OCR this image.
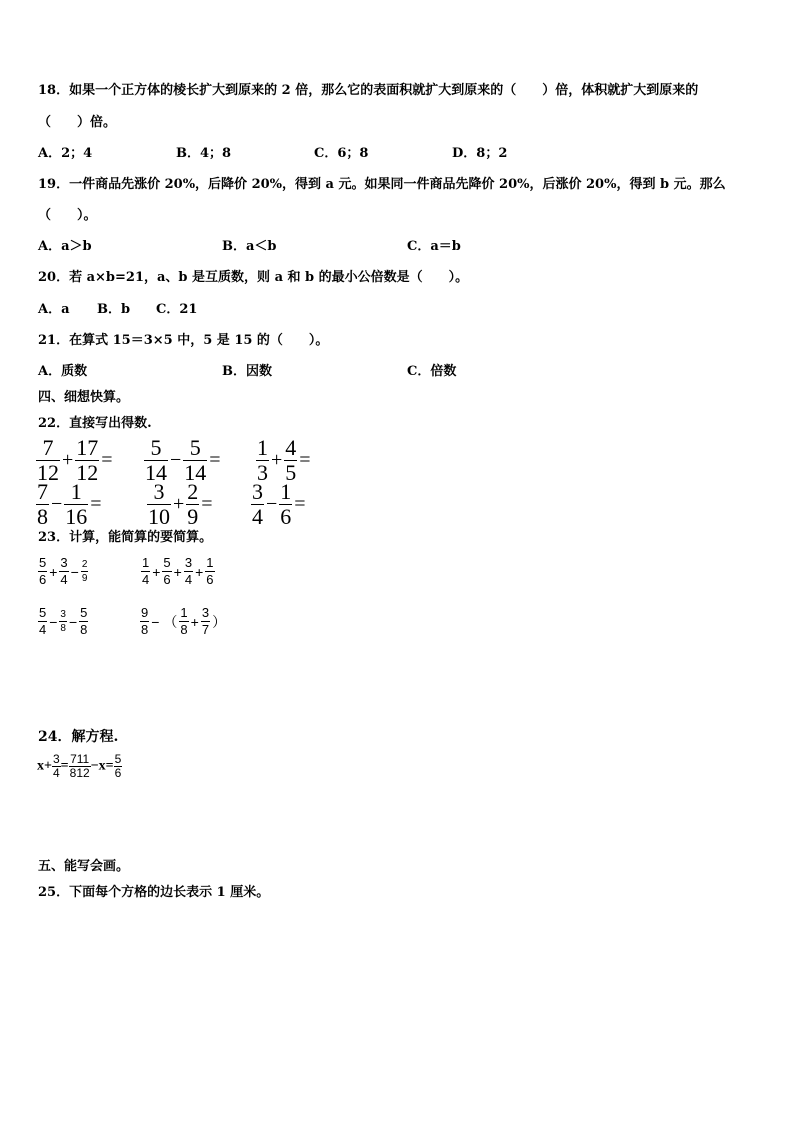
18．如果一个正方体的棱长扩大到原来的 2 倍，那么它的表面积就扩大到原来的（　　）倍，体积就扩大到原来的
（　　）倍。
A．2；4	B．4；8	C．6；8	D．8；2
19．一件商品先涨价 20%，后降价 20%，得到 a 元。如果同一件商品先降价 20%，后涨价 20%，得到 b 元。那么
（　　）。
A．a＞b	B．a＜b	C．a＝b
20．若 a×b=21，a、b 是互质数，则 a 和 b 的最小公倍数是（　　）。
A．a B．b C．21
21．在算式 15＝3×5 中，5 是 15 的（　　）。
A．质数	B．因数	C．倍数
四、细想快算。
22．直接写出得数.
$\frac{7}{12} + \frac{17}{12} = \frac{5}{14} - \frac{5}{14} = \frac{1}{3} + \frac{4}{5}$ =
$\frac{7}{8} - \frac{1}{16} = \frac{3}{10} + \frac{2}{9} = \frac{3}{4} - \frac{1}{6}$ =
23．计算，能简算的要简算。
$\frac{5}{6} + \frac{3}{4} - \frac{2}{9}$	$\frac{1}{4} + \frac{5}{6} + \frac{3}{4} + \frac{1}{6}$
$\frac{5}{4} - \frac{3}{8} - \frac{5}{8}$	$\frac{9}{8}$ − （ $\frac{1}{8} + \frac{3}{7}$ ）
24．解方程.
$x+ \frac{3}{4} = \frac{711}{812} -x= \frac{5}{6}$
五、能写会画。
25．下面每个方格的边长表示 1 厘米。
